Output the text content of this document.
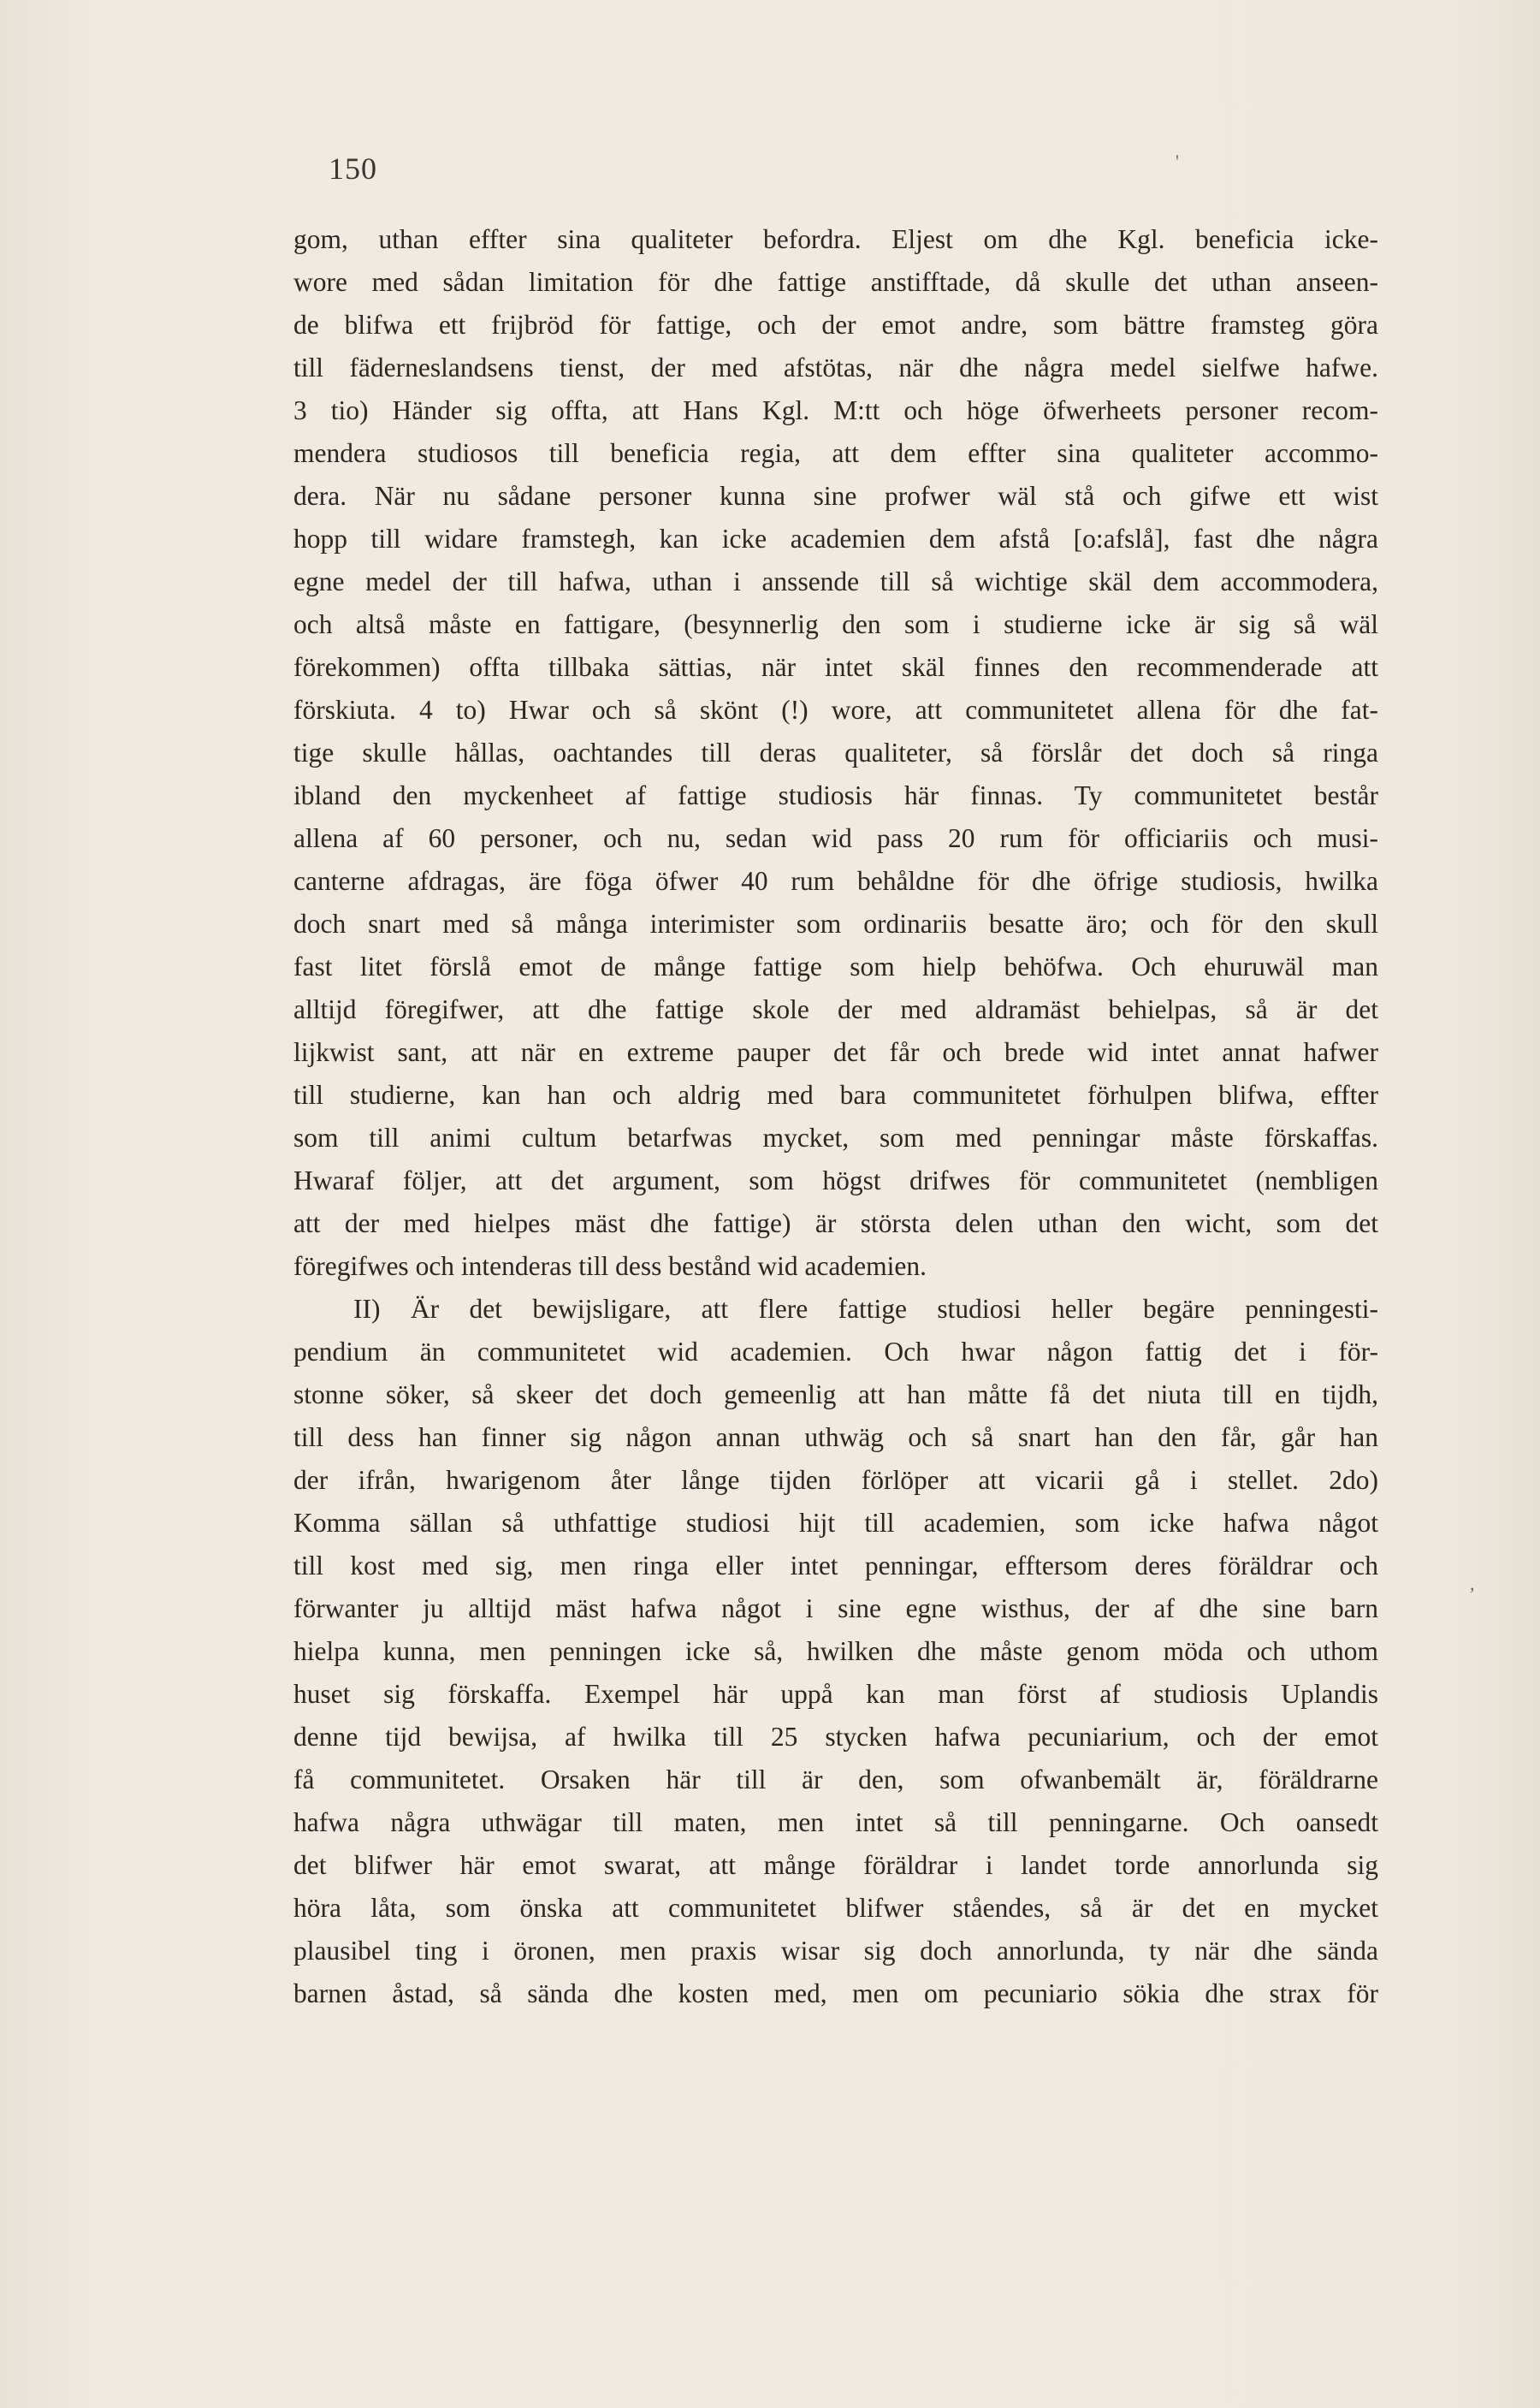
150	'
,
gom, uthan effter sina qualiteter befordra. Eljest om dhe Kgl. beneficia icke-
wore med sådan limitation för dhe fattige anstifftade, då skulle det uthan anseen-
de blifwa ett frijbröd för fattige, och der emot andre, som bättre framsteg göra
till fäderneslandsens tienst, der med afstötas, när dhe några medel sielfwe hafwe.
3 tio) Händer sig offta, att Hans Kgl. M:tt och höge öfwerheets personer recom-
mendera studiosos till beneficia regia, att dem effter sina qualiteter accommo-
dera. När nu sådane personer kunna sine profwer wäl stå och gifwe ett wist
hopp till widare framstegh, kan icke academien dem afstå [o:afslå], fast dhe några
egne medel der till hafwa, uthan i anssende till så wichtige skäl dem accommodera,
och altså måste en fattigare, (besynnerlig den som i studierne icke är sig så wäl
förekommen) offta tillbaka sättias, när intet skäl finnes den recommenderade att
förskiuta. 4 to) Hwar och så skönt (!) wore, att communitetet allena för dhe fat-
tige skulle hållas, oachtandes till deras qualiteter, så förslår det doch så ringa
ibland den myckenheet af fattige studiosis här finnas. Ty communitetet består
allena af 60 personer, och nu, sedan wid pass 20 rum för officiariis och musi-
canterne afdragas, äre föga öfwer 40 rum behåldne för dhe öfrige studiosis, hwilka
doch snart med så många interimister som ordinariis besatte äro; och för den skull
fast litet förslå emot de månge fattige som hielp behöfwa. Och ehuruwäl man
alltijd föregifwer, att dhe fattige skole der med aldramäst behielpas, så är det
lijkwist sant, att när en extreme pauper det får och brede wid intet annat hafwer
till studierne, kan han och aldrig med bara communitetet förhulpen blifwa, effter
som till animi cultum betarfwas mycket, som med penningar måste förskaffas.
Hwaraf följer, att det argument, som högst drifwes för communitetet (nembligen
att der med hielpes mäst dhe fattige) är största delen uthan den wicht, som det
föregifwes och intenderas till dess bestånd wid academien.
II) Är det bewijsligare, att flere fattige studiosi heller begäre penningesti-
pendium än communitetet wid academien. Och hwar någon fattig det i för-
stonne söker, så skeer det doch gemeenlig att han måtte få det niuta till en tijdh,
till dess han finner sig någon annan uthwäg och så snart han den får, går han
der ifrån, hwarigenom åter långe tijden förlöper att vicarii gå i stellet. 2do)
Komma sällan så uthfattige studiosi hijt till academien, som icke hafwa något
till kost med sig, men ringa eller intet penningar, efftersom deres föräldrar och
förwanter ju alltijd mäst hafwa något i sine egne wisthus, der af dhe sine barn
hielpa kunna, men penningen icke så, hwilken dhe måste genom möda och uthom
huset sig förskaffa. Exempel här uppå kan man först af studiosis Uplandis
denne tijd bewijsa, af hwilka till 25 stycken hafwa pecuniarium, och der emot
få communitetet. Orsaken här till är den, som ofwanbemält är, föräldrarne
hafwa några uthwägar till maten, men intet så till penningarne. Och oansedt
det blifwer här emot swarat, att månge föräldrar i landet torde annorlunda sig
höra låta, som önska att communitetet blifwer ståendes, så är det en mycket
plausibel ting i öronen, men praxis wisar sig doch annorlunda, ty när dhe sända
barnen åstad, så sända dhe kosten med, men om pecuniario sökia dhe strax för
